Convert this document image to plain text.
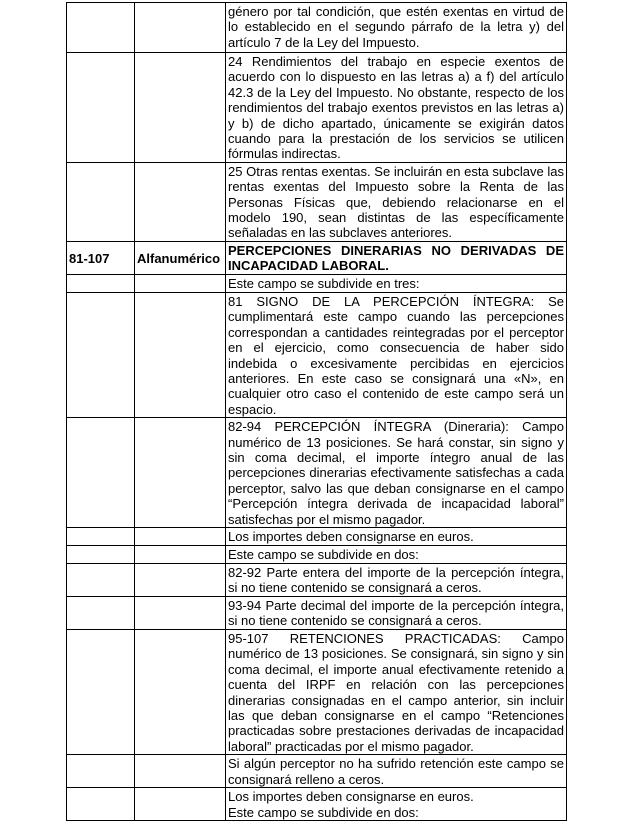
		género por tal condición, que estén exentas en virtud de lo establecido en el segundo párrafo de la letra y) del artículo 7 de la Ley del Impuesto.

		24 Rendimientos del trabajo en especie exentos de acuerdo con lo dispuesto en las letras a) a f) del artículo 42.3 de la Ley del Impuesto. No obstante, respecto de los rendimientos del trabajo exentos previstos en las letras a) y b) de dicho apartado, únicamente se exigirán datos cuando para la prestación de los servicios se utilicen fórmulas indirectas.

		25 Otras rentas exentas. Se incluirán en esta subclave las rentas exentas del Impuesto sobre la Renta de las Personas Físicas que, debiendo relacionarse en el modelo 190, sean distintas de las específicamente señaladas en las subclaves anteriores.

81-107	Alfanumérico	PERCEPCIONES DINERARIAS NO DERIVADAS DE INCAPACIDAD LABORAL.

		Este campo se subdivide en tres:

		81 SIGNO DE LA PERCEPCIÓN ÍNTEGRA: Se cumplimentará este campo cuando las percepciones correspondan a cantidades reintegradas por el perceptor en el ejercicio, como consecuencia de haber sido indebida o excesivamente percibidas en ejercicios anteriores. En este caso se consignará una «N», en cualquier otro caso el contenido de este campo será un espacio.

		82-94 PERCEPCIÓN ÍNTEGRA (Dineraria): Campo numérico de 13 posiciones. Se hará constar, sin signo y sin coma decimal, el importe íntegro anual de las percepciones dinerarias efectivamente satisfechas a cada perceptor, salvo las que deban consignarse en el campo “Percepción íntegra derivada de incapacidad laboral” satisfechas por el mismo pagador.

		Los importes deben consignarse en euros.

		Este campo se subdivide en dos:

		82-92 Parte entera del importe de la percepción íntegra, si no tiene contenido se consignará a ceros.

		93-94 Parte decimal del importe de la percepción íntegra, si no tiene contenido se consignará a ceros.

		95-107 RETENCIONES PRACTICADAS: Campo numérico de 13 posiciones. Se consignará, sin signo y sin coma decimal, el importe anual efectivamente retenido a cuenta del IRPF en relación con las percepciones dinerarias consignadas en el campo anterior, sin incluir las que deban consignarse en el campo “Retenciones practicadas sobre prestaciones derivadas de incapacidad laboral” practicadas por el mismo pagador.

		Si algún perceptor no ha sufrido retención este campo se consignará relleno a ceros.

		Los importes deben consignarse en euros.
Este campo se subdivide en dos:
